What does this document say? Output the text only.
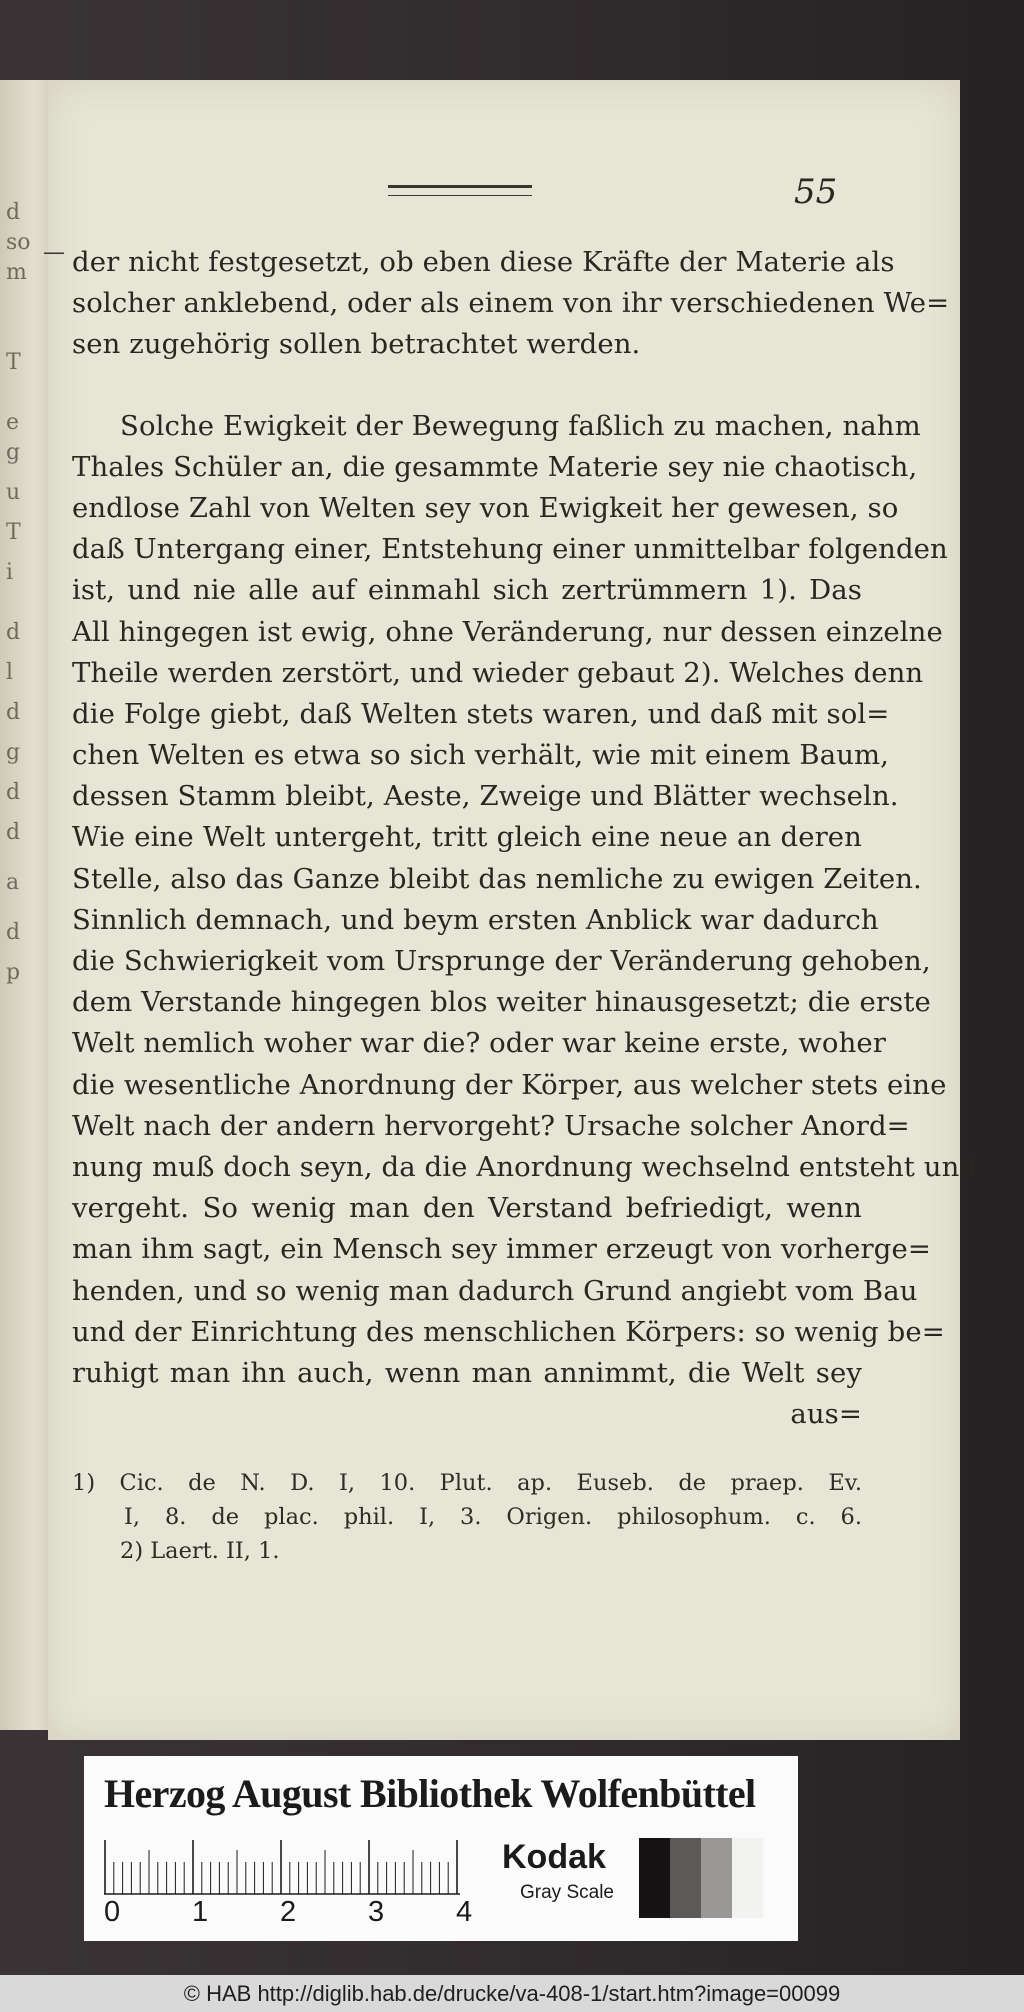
d
so
m
T
e
g
u
T
i
d
l
d
g
d
d
a
d
p
55
— der nicht festgesetzt, ob eben diese Kräfte der Materie als
solcher anklebend, oder als einem von ihr verschiedenen We=
sen zugehörig sollen betrachtet werden.
Solche Ewigkeit der Bewegung faßlich zu machen, nahm
Thales Schüler an, die gesammte Materie sey nie chaotisch,
endlose Zahl von Welten sey von Ewigkeit her gewesen, so
daß Untergang einer, Entstehung einer unmittelbar folgenden
ist, und nie alle auf einmahl sich zertrümmern 1). Das
All hingegen ist ewig, ohne Veränderung, nur dessen einzelne
Theile werden zerstört, und wieder gebaut 2). Welches denn
die Folge giebt, daß Welten stets waren, und daß mit sol=
chen Welten es etwa so sich verhält, wie mit einem Baum,
dessen Stamm bleibt, Aeste, Zweige und Blätter wechseln.
Wie eine Welt untergeht, tritt gleich eine neue an deren
Stelle, also das Ganze bleibt das nemliche zu ewigen Zeiten.
Sinnlich demnach, und beym ersten Anblick war dadurch
die Schwierigkeit vom Ursprunge der Veränderung gehoben,
dem Verstande hingegen blos weiter hinausgesetzt; die erste
Welt nemlich woher war die? oder war keine erste, woher
die wesentliche Anordnung der Körper, aus welcher stets eine
Welt nach der andern hervorgeht? Ursache solcher Anord=
nung muß doch seyn, da die Anordnung wechselnd entsteht und
vergeht. So wenig man den Verstand befriedigt, wenn
man ihm sagt, ein Mensch sey immer erzeugt von vorherge=
henden, und so wenig man dadurch Grund angiebt vom Bau
und der Einrichtung des menschlichen Körpers: so wenig be=
ruhigt man ihn auch, wenn man annimmt, die Welt sey
aus=
1) Cic. de N. D. I, 10. Plut. ap. Euseb. de praep. Ev.
I, 8. de plac. phil. I, 3. Origen. philosophum. c. 6.
2) Laert. II, 1.
Herzog August Bibliothek Wolfenbüttel
0 1 2 3 4
Kodak
Gray Scale
© HAB http://diglib.hab.de/drucke/va-408-1/start.htm?image=00099
